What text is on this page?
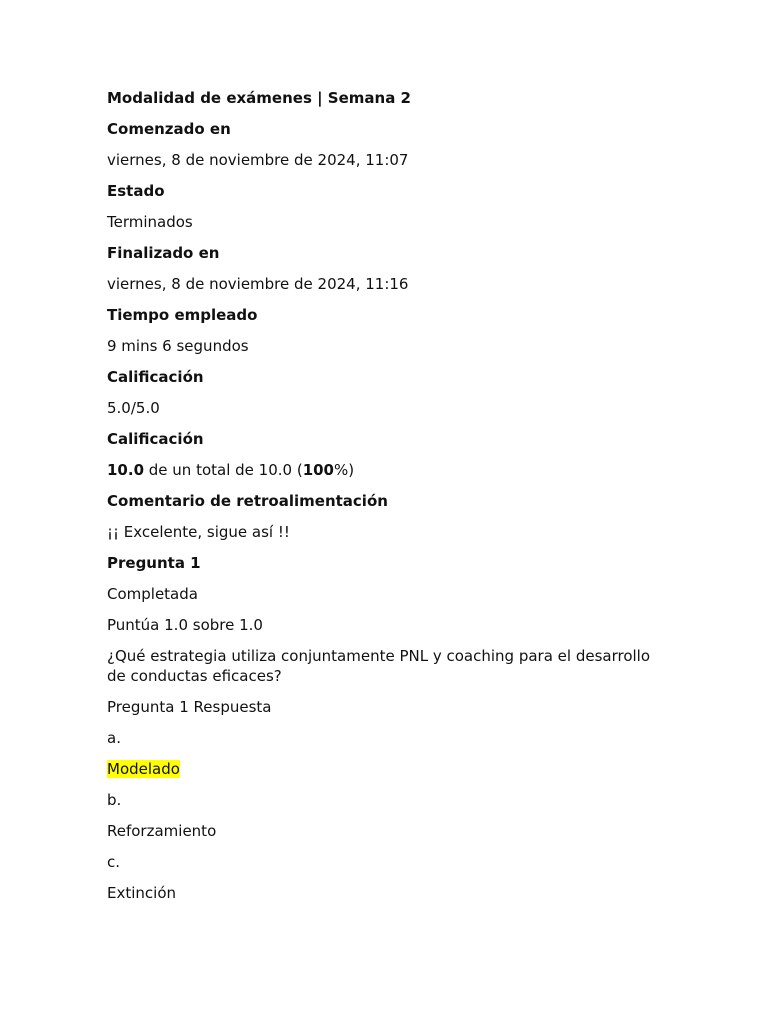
Modalidad de exámenes | Semana 2
Comenzado en
viernes, 8 de noviembre de 2024, 11:07
Estado
Terminados
Finalizado en
viernes, 8 de noviembre de 2024, 11:16
Tiempo empleado
9 mins 6 segundos
Calificación
5.0/5.0
Calificación
10.0 de un total de 10.0 (100%)
Comentario de retroalimentación
¡¡ Excelente, sigue así !!
Pregunta 1
Completada
Puntúa 1.0 sobre 1.0
¿Qué estrategia utiliza conjuntamente PNL y coaching para el desarrollo de conductas eficaces?
Pregunta 1 Respuesta
a.
Modelado
b.
Reforzamiento
c.
Extinción
